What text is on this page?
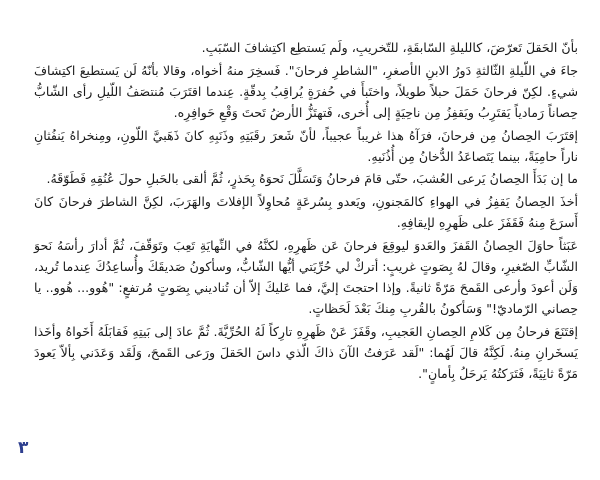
بأنّ الحَقلَ تَعرّضَ، كالليلةِ السّابقَةِ، للتّخريبِ، ولَم يَستطِع اكتِشافَ السّبَبِ.

جاءَ في اللّيلةِ الثّالثةِ دَورُ الابنِ الأصغرِ، "الشاطرِ فرحانَ". فَسخِرَ منهُ أخواه، وقالا بأنّهُ لَن يَستطيعَ اكتِشافَ شيءٍ. لكِنّ فرحانَ حَمَلَ حبلاً طويلاً، واختَبأَ في حُفرَةٍ يُراقِبُ بِدقّةٍ. عِندما اقتَرَبَ مُنتصَفُ اللّيلِ رأى الشّابُّ حِصاناً رَمادياً يَقتَرِبُ ويَقفِزُ مِن ناحِيَةٍ إلى أُخرى، فَتهتَزُّ الأرضُ تَحتَ وَقْعِ حَوافِرِه.

إقتَرَبَ الحِصانُ مِن فرحانَ، فرَآهُ هذا غريباً عجيباً، لأنّ شَعرَ رقَبَتِهِ وذَنَبِهِ كانَ ذَهَبيَّ اللّونِ، ومِنخراهُ يَنفُثانِ ناراً حامِيَةً، بينما يَتَصاعَدُ الدُّخانُ مِن أُذُنَيهِ.

ما إن بَدَأَ الحِصانُ يَرعى العُشبَ، حتّى قامَ فرحانُ وَتَسَلَّلَ نَحوَهُ بِحَذرٍ، ثُمَّ ألقى بالحَبلِ حولَ عُنُقِهِ فَطَوّقَهُ.

أخذَ الحِصانُ يَقفِزُ في الهواءِ كالمَجنونِ، ويَعدو بِسُرعَةٍ مُحاوِلاً الإفلاتَ والهَرَبَ، لكِنَّ الشاطرَ فرحانَ كانَ أَسرَعَ مِنهُ فَقَفَزَ على ظَهرِهِ لإيقافِهِ.

عَبَثاً حاوَلَ الحِصانُ القَفزَ والعَدوَ ليوقِعَ فرحانَ عَن ظَهرِهِ، لكنَّهُ في النِّهايَةِ تَعِبَ وتَوَقّفَ، ثُمَّ أدارَ رأسَهُ نَحوَ الشّابِّ الصّغيرِ، وقالَ لهُ بِصَوتٍ غريبٍ: أتركْ لي حُرِّيَتي أيُّها الشّابُّ، وسأكونُ صَديقَكَ وأُساعِدُكَ عِندما تُريد، وَلَن أعودَ وأرعى القَمحَ مَرّةً ثانيةً. وإذا احتجتَ إليَّ، فما عَليكَ إلاّ أن تُناديني بِصَوتٍ مُرتفعٍ: "هُوو... هُوو.. يا حِصاني الرّماديّ!" وَسَأكونُ بالقُربِ مِنكَ بَعْدَ لَحَظاتٍ.

إقتَنَعَ فرحانُ مِن كَلامِ الحِصانِ العَجيبِ، وقَفَزَ عَنْ ظَهرِهِ تارِكاً لَهُ الحُرِّيَّةَ. ثُمَّ عادَ إلى بَيتِهِ فَقابَلَهُ أَخَواهُ وأخَذا يَسخَرانِ مِنهُ. لَكِنَّهُ قالَ لَهُما: "لَقد عَرَفتُ الآنَ ذاكَ الّذي داسَ الحَقلَ ورَعى القَمحَ، وَلَقَد وَعَدَني بِألاّ يَعودَ مَرّةً ثانِيَةً، فَتَرَكتُهُ يَرحَلُ بِأمانٍ".

٣
